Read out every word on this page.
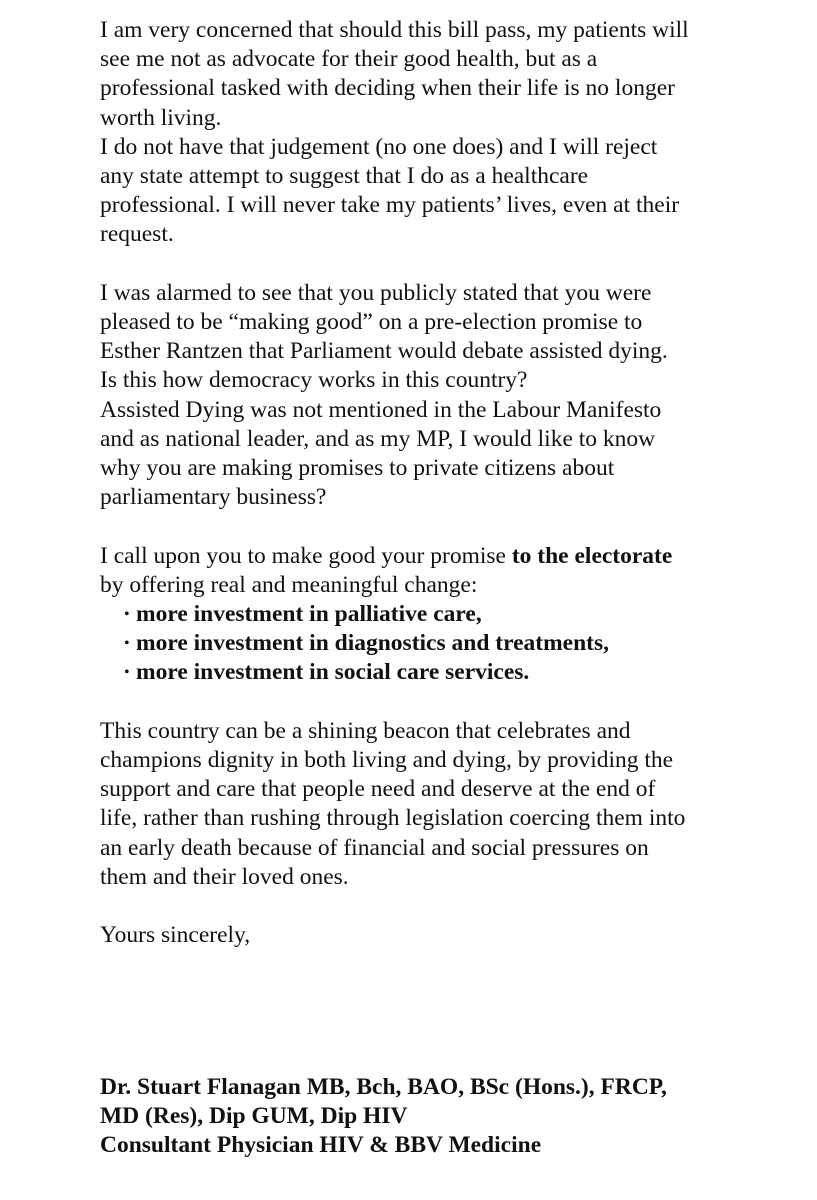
I am very concerned that should this bill pass, my patients will
see me not as advocate for their good health, but as a
professional tasked with deciding when their life is no longer
worth living.
I do not have that judgement (no one does) and I will reject
any state attempt to suggest that I do as a healthcare
professional. I will never take my patients’ lives, even at their
request.
I was alarmed to see that you publicly stated that you were
pleased to be “making good” on a pre-election promise to
Esther Rantzen that Parliament would debate assisted dying.
Is this how democracy works in this country?
Assisted Dying was not mentioned in the Labour Manifesto
and as national leader, and as my MP, I would like to know
why you are making promises to private citizens about
parliamentary business?
I call upon you to make good your promise to the electorate
by offering real and meaningful change:
• more investment in palliative care,
• more investment in diagnostics and treatments,
• more investment in social care services.
This country can be a shining beacon that celebrates and
champions dignity in both living and dying, by providing the
support and care that people need and deserve at the end of
life, rather than rushing through legislation coercing them into
an early death because of financial and social pressures on
them and their loved ones.
Yours sincerely,
Dr. Stuart Flanagan MB, Bch, BAO, BSc (Hons.), FRCP,
MD (Res), Dip GUM, Dip HIV
Consultant Physician HIV & BBV Medicine
